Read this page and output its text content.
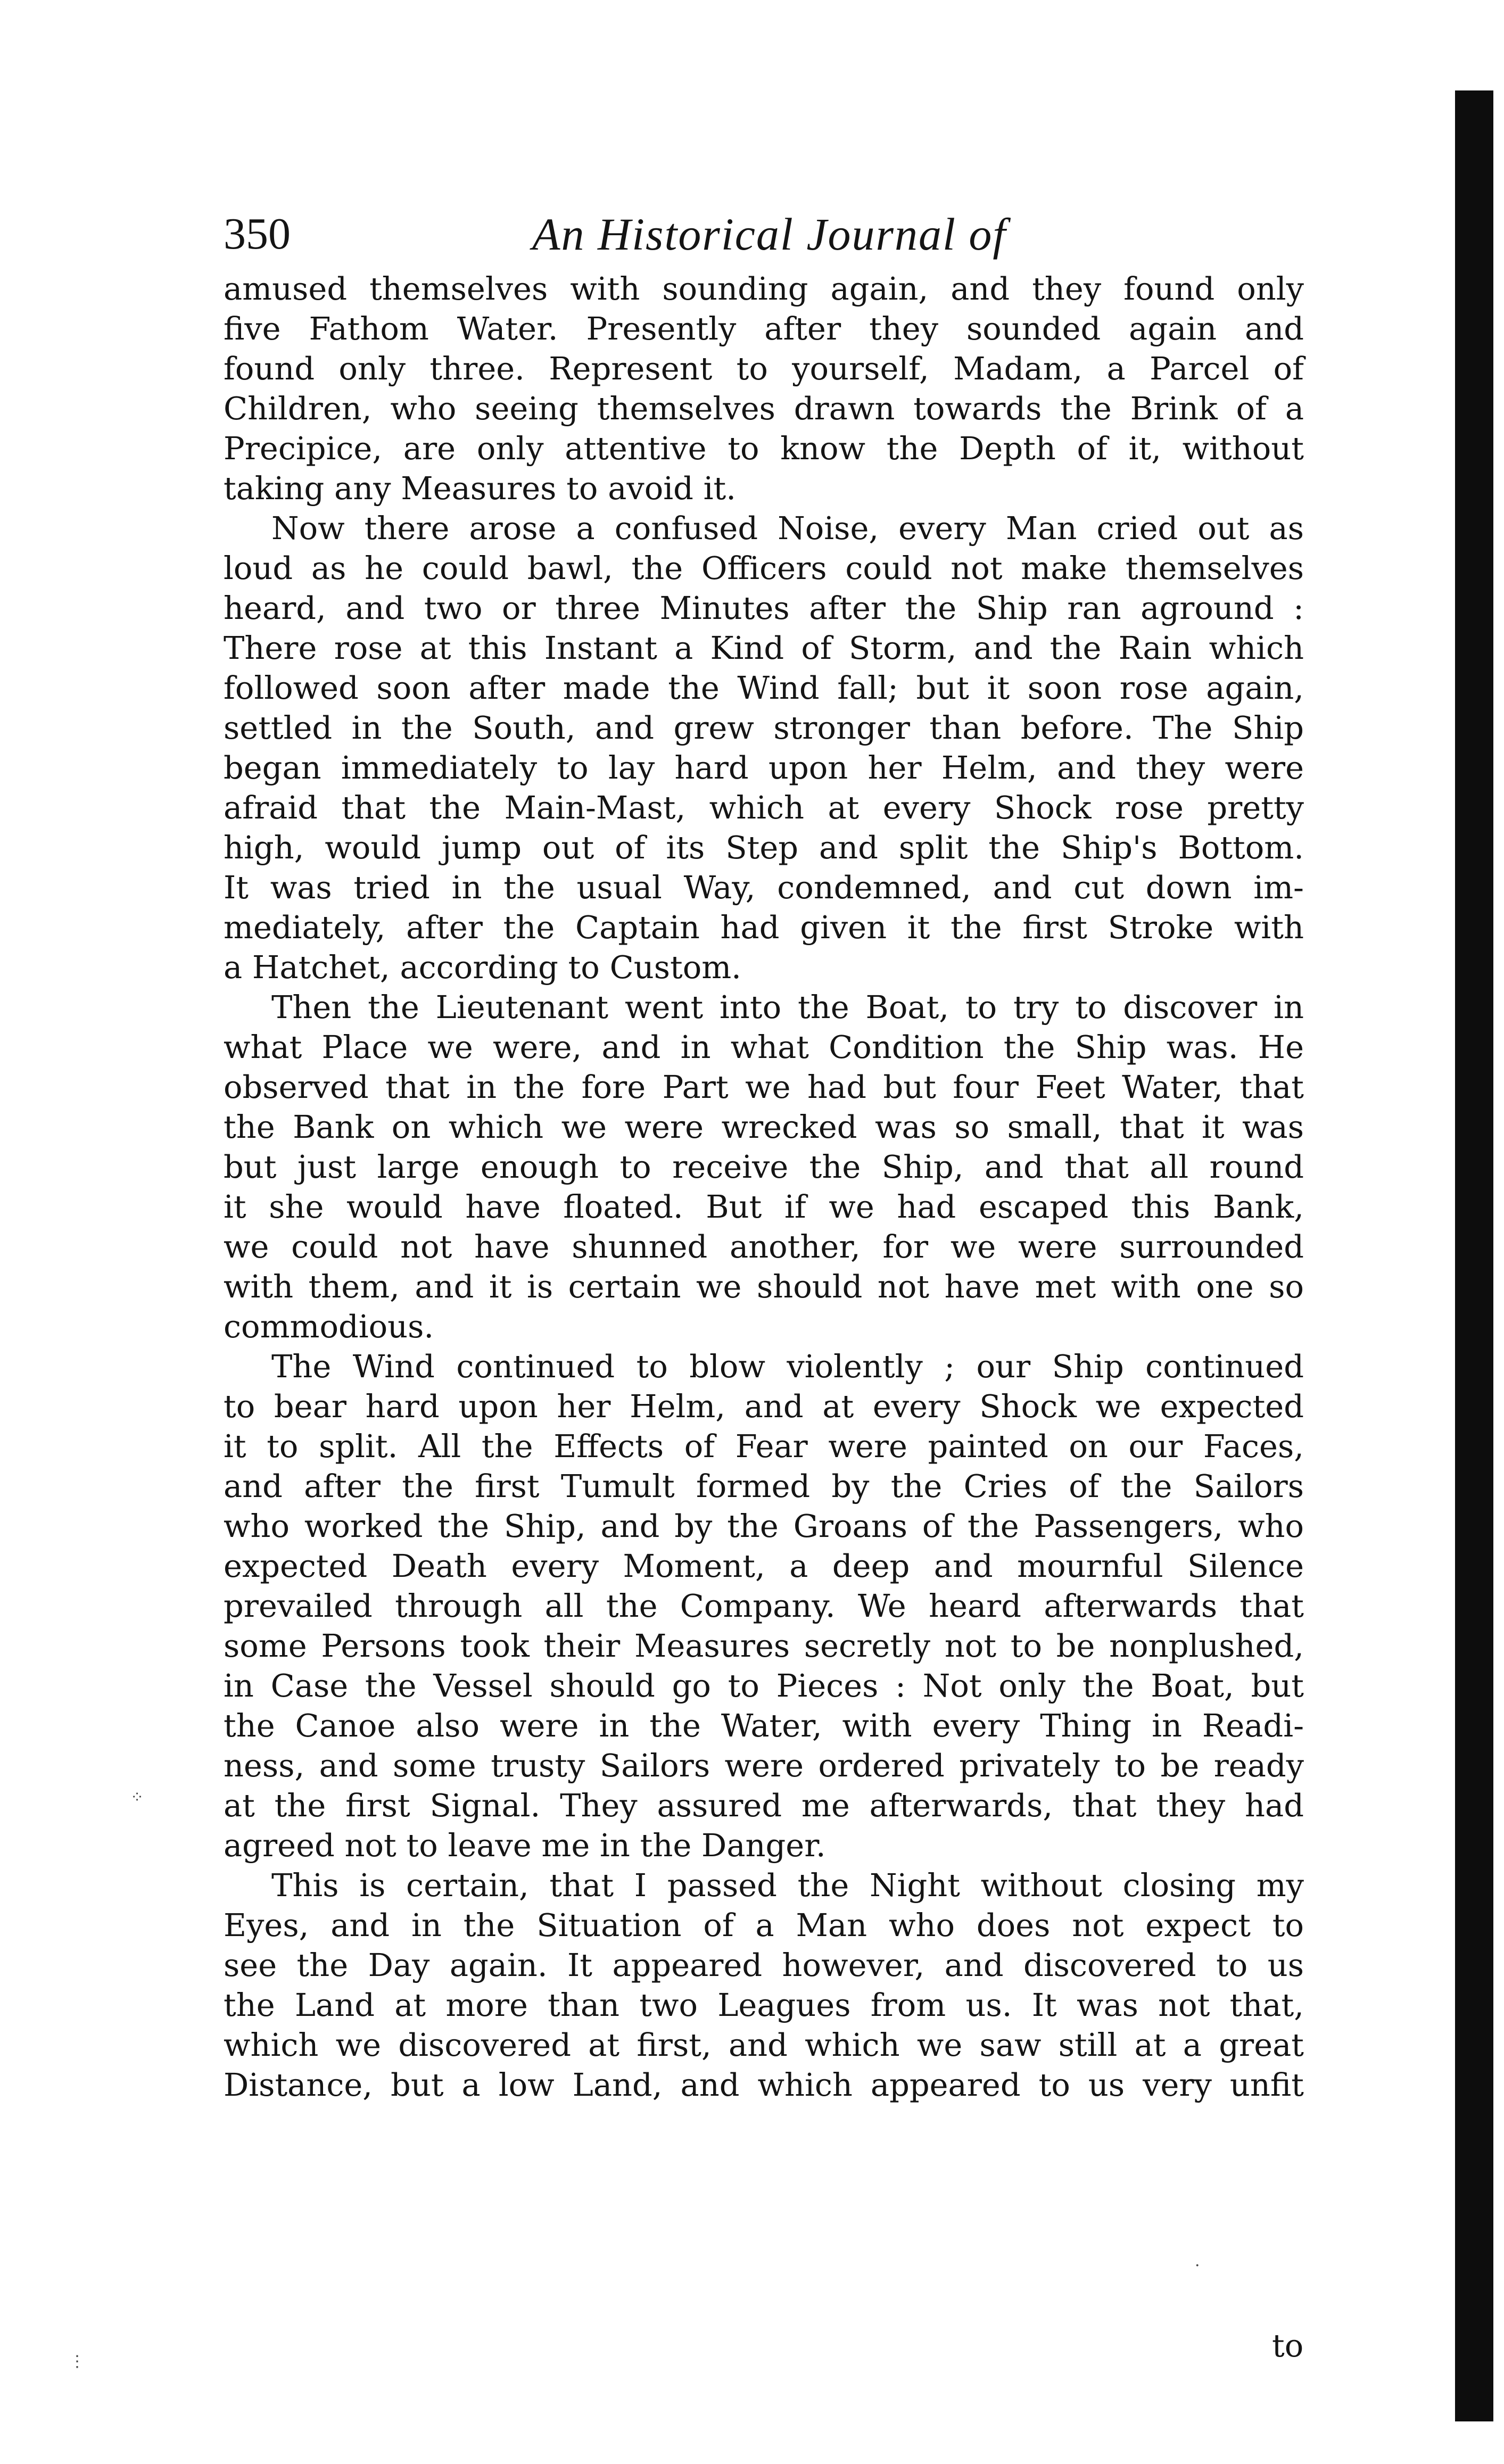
350	An Historical Journal of
amused themselves with sounding again, and they found only
five Fathom Water. Presently after they sounded again and
found only three. Represent to yourself, Madam, a Parcel of
Children, who seeing themselves drawn towards the Brink of a
Precipice, are only attentive to know the Depth of it, without
taking any Measures to avoid it.
Now there arose a confused Noise, every Man cried out as
loud as he could bawl, the Officers could not make themselves
heard, and two or three Minutes after the Ship ran aground :
There rose at this Instant a Kind of Storm, and the Rain which
followed soon after made the Wind fall; but it soon rose again,
settled in the South, and grew stronger than before. The Ship
began immediately to lay hard upon her Helm, and they were
afraid that the Main-Mast, which at every Shock rose pretty
high, would jump out of its Step and split the Ship's Bottom.
It was tried in the usual Way, condemned, and cut down im-
mediately, after the Captain had given it the first Stroke with
a Hatchet, according to Custom.
Then the Lieutenant went into the Boat, to try to discover in
what Place we were, and in what Condition the Ship was. He
observed that in the fore Part we had but four Feet Water, that
the Bank on which we were wrecked was so small, that it was
but just large enough to receive the Ship, and that all round
it she would have floated. But if we had escaped this Bank,
we could not have shunned another, for we were surrounded
with them, and it is certain we should not have met with one so
commodious.
The Wind continued to blow violently ; our Ship continued
to bear hard upon her Helm, and at every Shock we expected
it to split. All the Effects of Fear were painted on our Faces,
and after the first Tumult formed by the Cries of the Sailors
who worked the Ship, and by the Groans of the Passengers, who
expected Death every Moment, a deep and mournful Silence
prevailed through all the Company. We heard afterwards that
some Persons took their Measures secretly not to be nonplushed,
in Case the Vessel should go to Pieces : Not only the Boat, but
the Canoe also were in the Water, with every Thing in Readi-
ness, and some trusty Sailors were ordered privately to be ready
at the first Signal. They assured me afterwards, that they had
agreed not to leave me in the Danger.
This is certain, that I passed the Night without closing my
Eyes, and in the Situation of a Man who does not expect to
see the Day again. It appeared however, and discovered to us
the Land at more than two Leagues from us. It was not that,
which we discovered at first, and which we saw still at a great
Distance, but a low Land, and which appeared to us very unfit
to
⁘
⋮
·
